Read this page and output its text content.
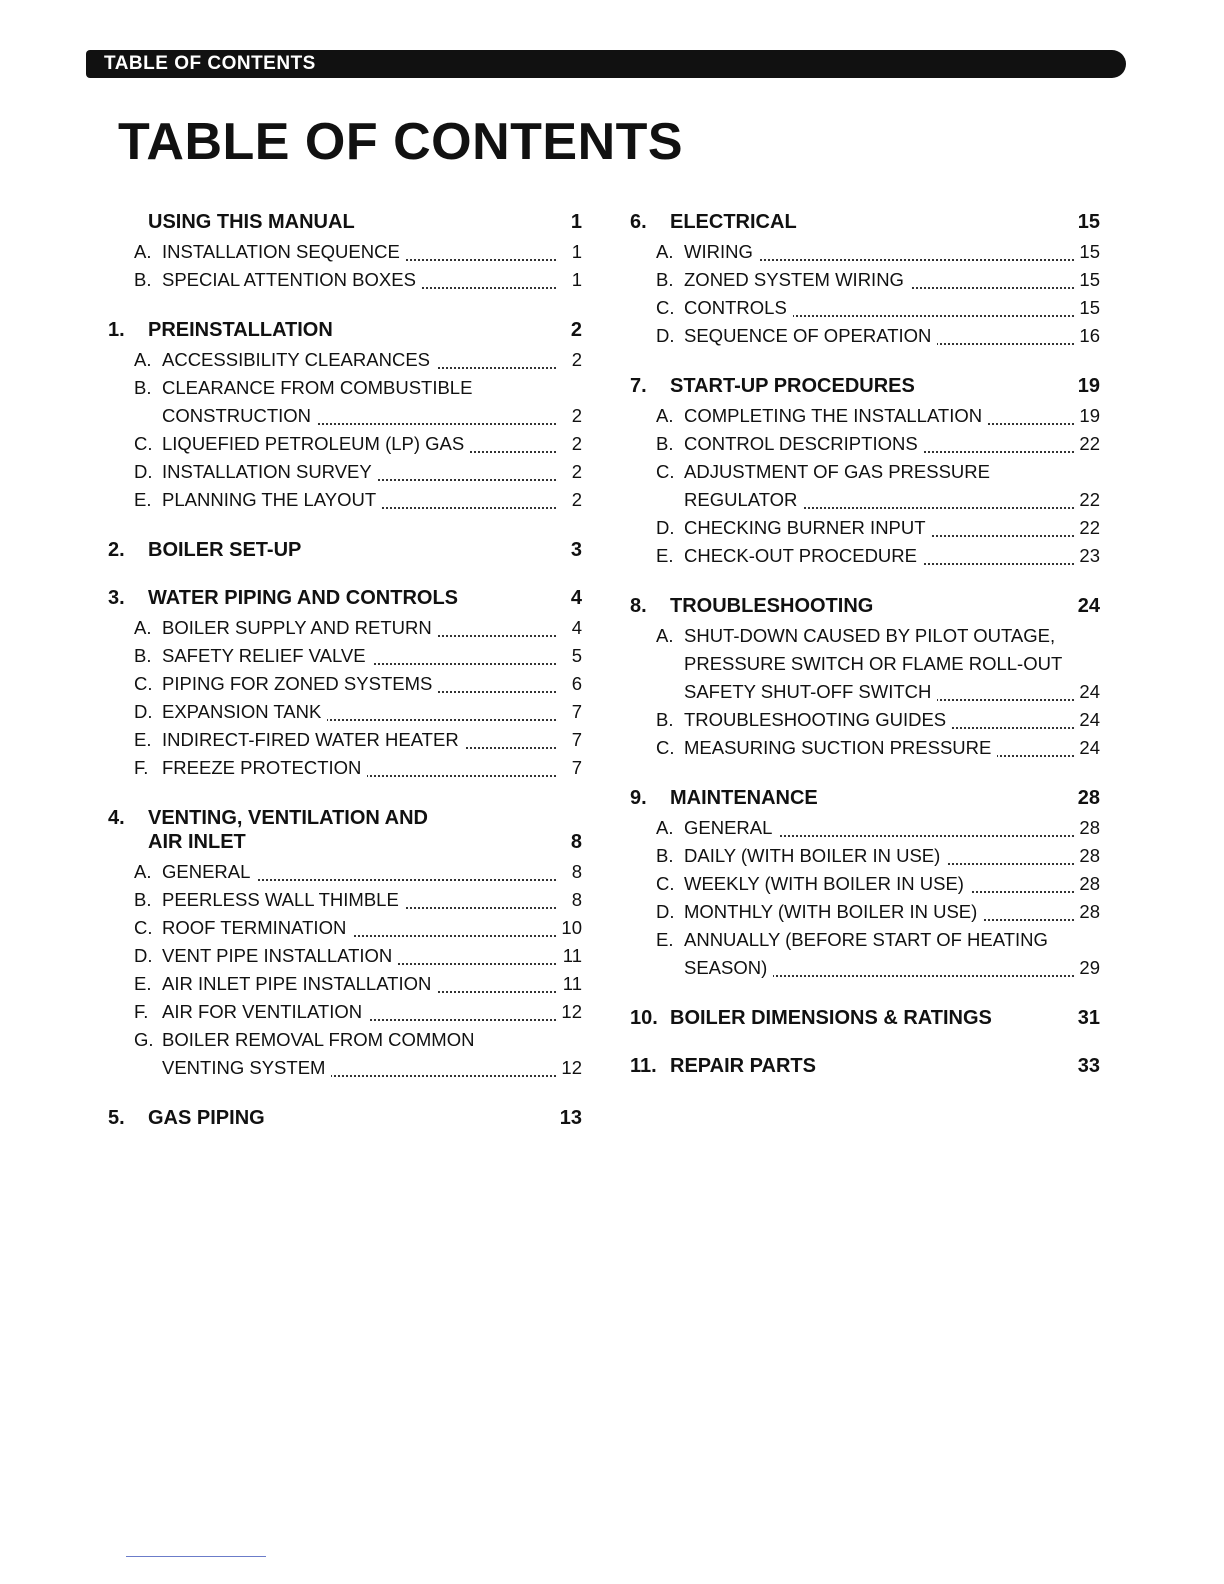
TABLE OF CONTENTS
TABLE OF CONTENTS
USING THIS MANUAL	1
A. INSTALLATION SEQUENCE	1
B. SPECIAL ATTENTION BOXES	1
1.	PREINSTALLATION	2
A. ACCESSIBILITY CLEARANCES	2
B. CLEARANCE FROM COMBUSTIBLE
CONSTRUCTION	2
C. LIQUEFIED PETROLEUM (LP) GAS	2
D. INSTALLATION SURVEY	2
E. PLANNING THE LAYOUT	2
2.	BOILER SET-UP	3
3.	WATER PIPING AND CONTROLS	4
A. BOILER SUPPLY AND RETURN	4
B. SAFETY RELIEF VALVE	5
C. PIPING FOR ZONED SYSTEMS	6
D. EXPANSION TANK	7
E. INDIRECT-FIRED WATER HEATER	7
F. FREEZE PROTECTION	7
4.	VENTING, VENTILATION AND
AIR INLET	8
A. GENERAL	8
B. PEERLESS WALL THIMBLE	8
C. ROOF TERMINATION	10
D. VENT PIPE INSTALLATION	11
E. AIR INLET PIPE INSTALLATION	11
F. AIR FOR VENTILATION	12
G. BOILER REMOVAL FROM COMMON
VENTING SYSTEM	12
5.	GAS PIPING	13
6.	ELECTRICAL	15
A. WIRING	15
B. ZONED SYSTEM WIRING	15
C. CONTROLS	15
D. SEQUENCE OF OPERATION	16
7.	START-UP PROCEDURES	19
A. COMPLETING THE INSTALLATION	19
B. CONTROL DESCRIPTIONS	22
C. ADJUSTMENT OF GAS PRESSURE
REGULATOR	22
D. CHECKING BURNER INPUT	22
E. CHECK-OUT PROCEDURE	23
8.	TROUBLESHOOTING	24
A. SHUT-DOWN CAUSED BY PILOT OUTAGE,
PRESSURE SWITCH OR FLAME ROLL-OUT
SAFETY SHUT-OFF SWITCH	24
B. TROUBLESHOOTING GUIDES	24
C. MEASURING SUCTION PRESSURE	24
9.	MAINTENANCE	28
A. GENERAL	28
B. DAILY (WITH BOILER IN USE)	28
C. WEEKLY (WITH BOILER IN USE)	28
D. MONTHLY (WITH BOILER IN USE)	28
E. ANNUALLY (BEFORE START OF HEATING
SEASON)	29
10. BOILER DIMENSIONS & RATINGS	31
11. REPAIR PARTS	33
